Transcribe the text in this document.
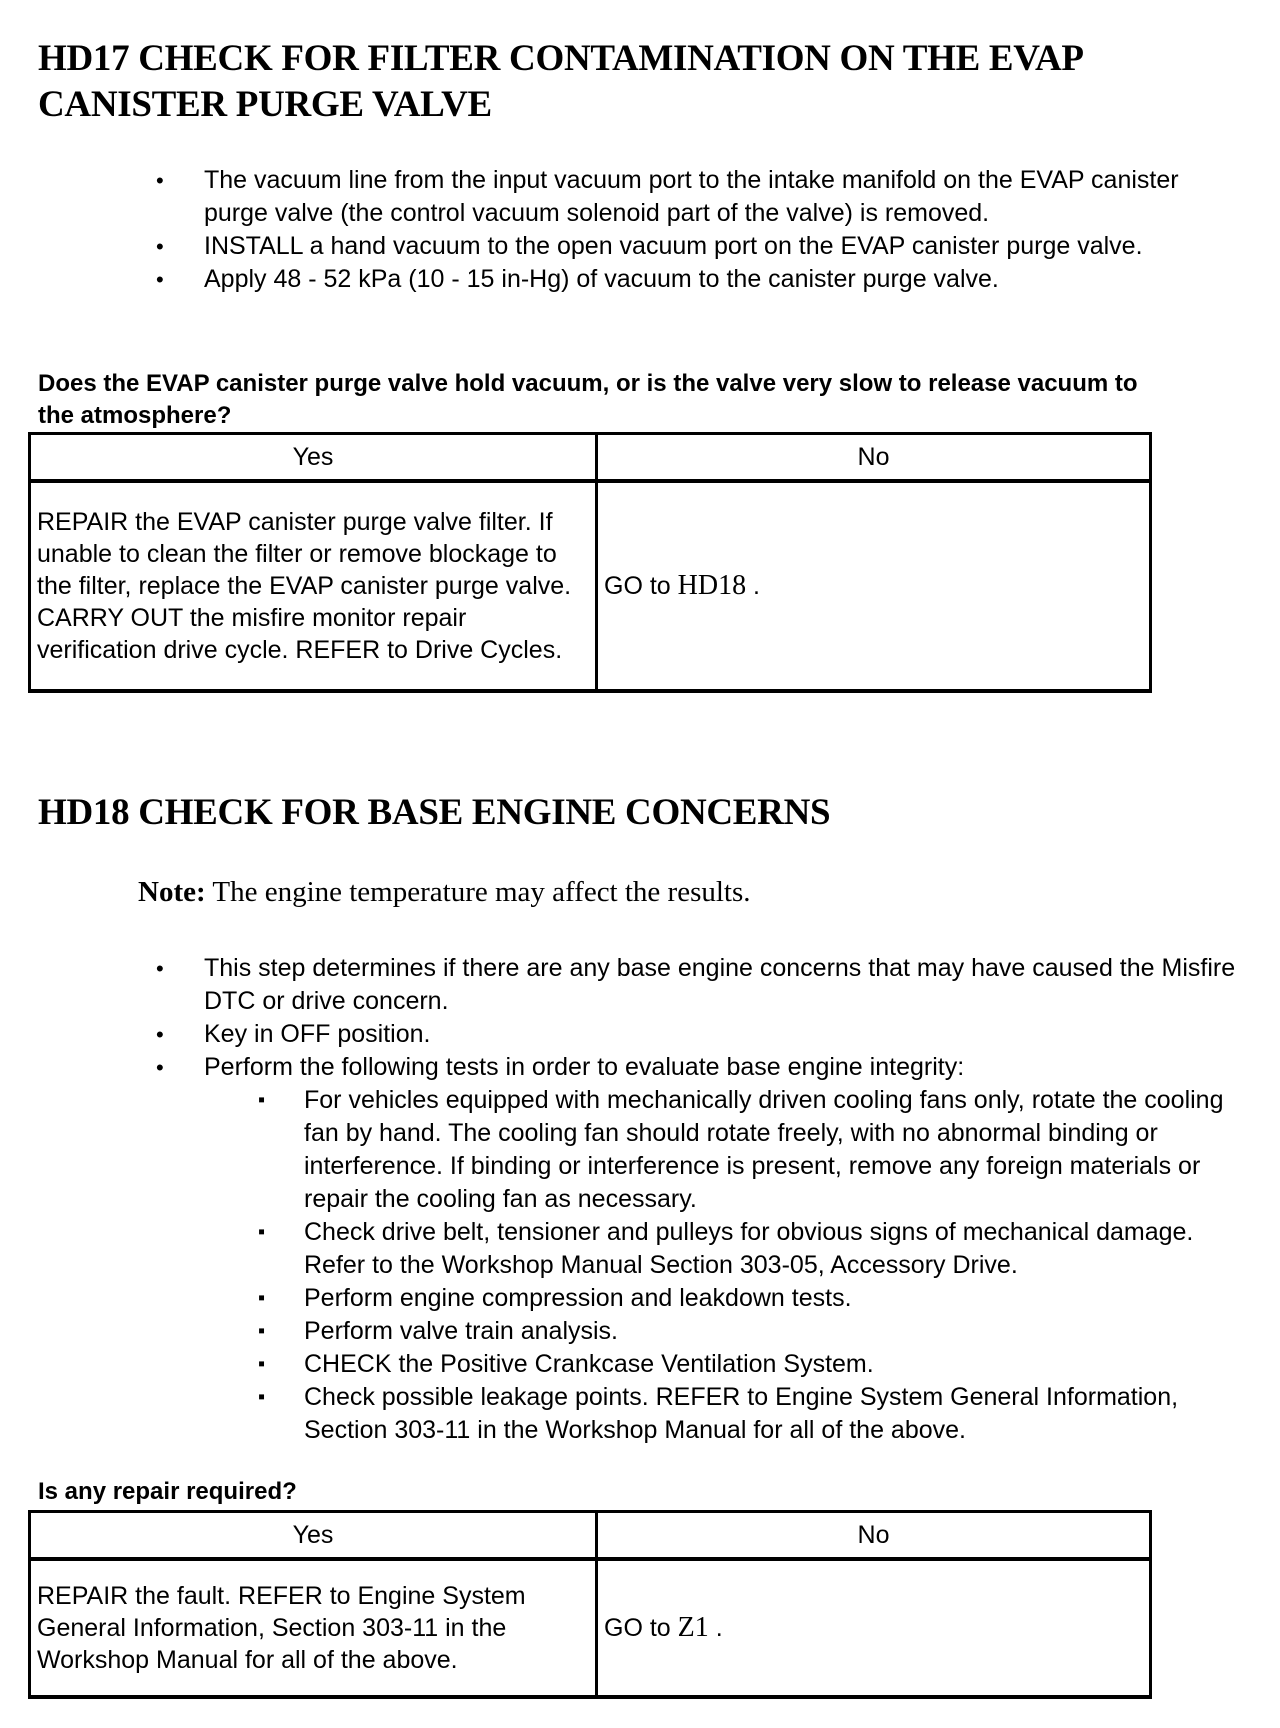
HD17 CHECK FOR FILTER CONTAMINATION ON THE EVAP CANISTER PURGE VALVE
• The vacuum line from the input vacuum port to the intake manifold on the EVAP canister purge valve (the control vacuum solenoid part of the valve) is removed.
• INSTALL a hand vacuum to the open vacuum port on the EVAP canister purge valve.
• Apply 48 - 52 kPa (10 - 15 in-Hg) of vacuum to the canister purge valve.

Does the EVAP canister purge valve hold vacuum, or is the valve very slow to release vacuum to the atmosphere?

Yes	No
REPAIR the EVAP canister purge valve filter. If unable to clean the filter or remove blockage to the filter, replace the EVAP canister purge valve. CARRY OUT the misfire monitor repair verification drive cycle. REFER to Drive Cycles.	GO to HD18 .
HD18 CHECK FOR BASE ENGINE CONCERNS

Note: The engine temperature may affect the results.

• This step determines if there are any base engine concerns that may have caused the Misfire DTC or drive concern.
• Key in OFF position.
• Perform the following tests in order to evaluate base engine integrity:
▪ For vehicles equipped with mechanically driven cooling fans only, rotate the cooling fan by hand. The cooling fan should rotate freely, with no abnormal binding or interference. If binding or interference is present, remove any foreign materials or repair the cooling fan as necessary.
▪ Check drive belt, tensioner and pulleys for obvious signs of mechanical damage. Refer to the Workshop Manual Section 303-05, Accessory Drive.
▪ Perform engine compression and leakdown tests.
▪ Perform valve train analysis.
▪ CHECK the Positive Crankcase Ventilation System.
▪ Check possible leakage points. REFER to Engine System General Information, Section 303-11 in the Workshop Manual for all of the above.

Is any repair required?

Yes	No
REPAIR the fault. REFER to Engine System General Information, Section 303-11 in the Workshop Manual for all of the above.	GO to Z1 .
